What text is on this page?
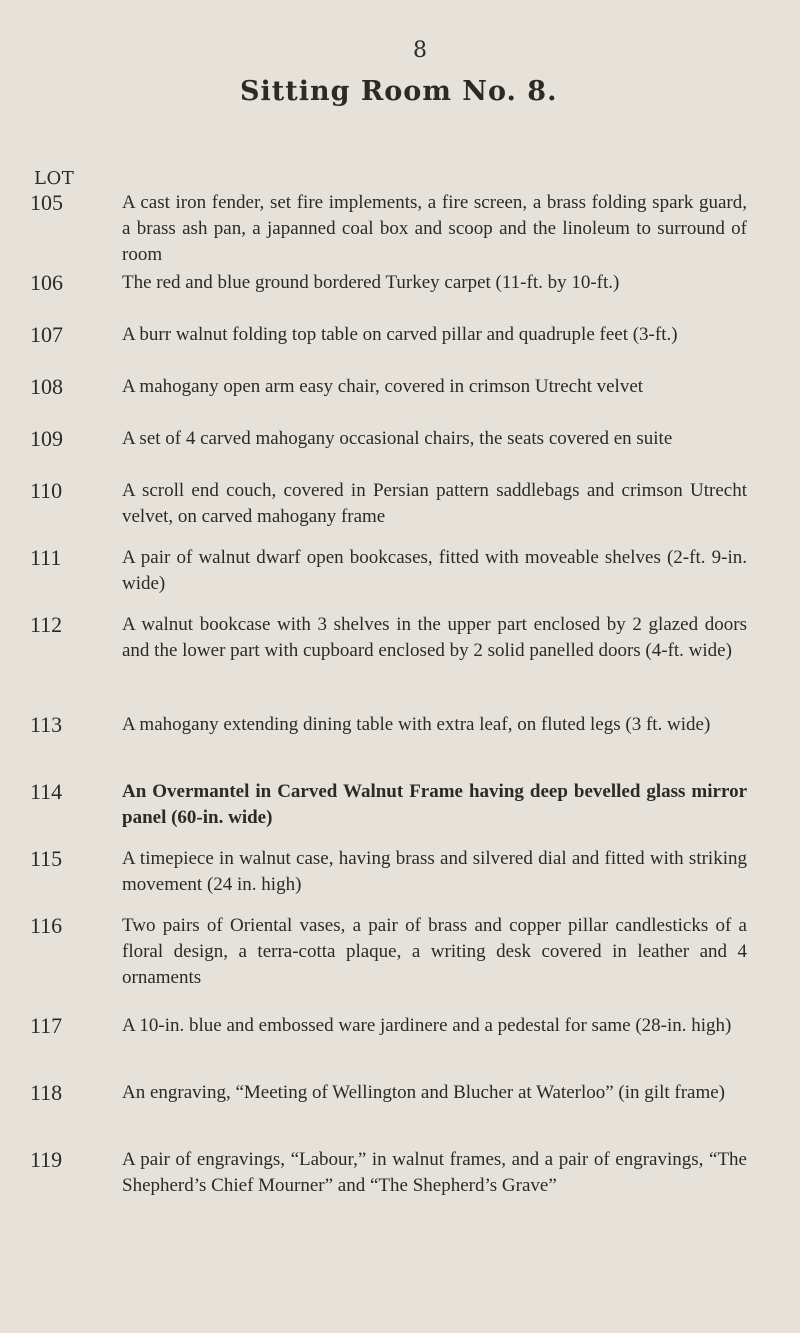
8
Sitting Room No. 8.
LOT
105	A cast iron fender, set fire implements, a fire screen, a brass folding spark guard, a brass ash pan, a japanned coal box and scoop and the linoleum to surround of room
106	The red and blue ground bordered Turkey carpet (11-ft. by 10-ft.)
107	A burr walnut folding top table on carved pillar and quadruple feet (3-ft.)
108	A mahogany open arm easy chair, covered in crimson Utrecht velvet
109	A set of 4 carved mahogany occasional chairs, the seats covered en suite
110	A scroll end couch, covered in Persian pattern saddlebags and crimson Utrecht velvet, on carved mahogany frame
111	A pair of walnut dwarf open bookcases, fitted with moveable shelves (2-ft. 9-in. wide)
112	A walnut bookcase with 3 shelves in the upper part enclosed by 2 glazed doors and the lower part with cupboard enclosed by 2 solid panelled doors (4-ft. wide)
113	A mahogany extending dining table with extra leaf, on fluted legs (3 ft. wide)
114	An Overmantel in Carved Walnut Frame having deep bevelled glass mirror panel (60-in. wide)
115	A timepiece in walnut case, having brass and silvered dial and fitted with striking movement (24 in. high)
116	Two pairs of Oriental vases, a pair of brass and copper pillar candlesticks of a floral design, a terra-cotta plaque, a writing desk covered in leather and 4 ornaments
117	A 10-in. blue and embossed ware jardinere and a pedestal for same (28-in. high)
118	An engraving, “Meeting of Wellington and Blucher at Waterloo” (in gilt frame)
119	A pair of engravings, “Labour,” in walnut frames, and a pair of engravings, “The Shepherd’s Chief Mourner” and “The Shepherd’s Grave”
